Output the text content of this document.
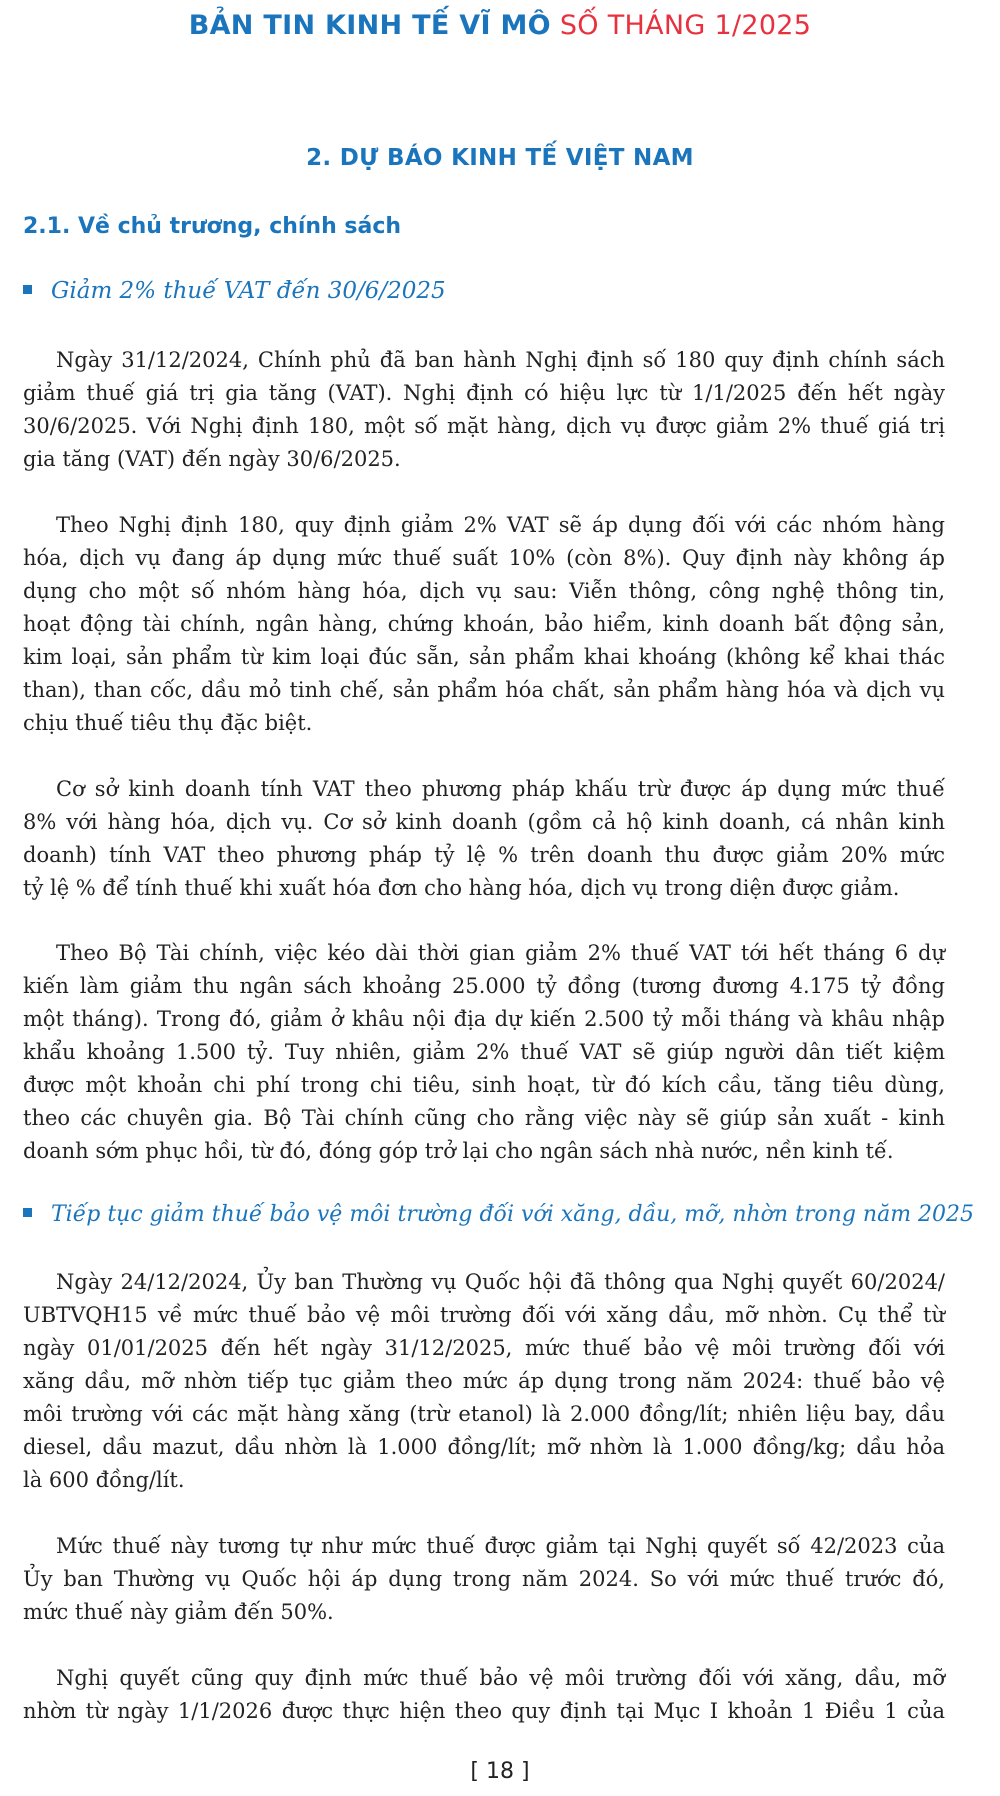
BẢN TIN KINH TẾ VĨ MÔ SỐ THÁNG 1/2025
2. DỰ BÁO KINH TẾ VIỆT NAM
2.1. Về chủ trương, chính sách
Giảm 2% thuế VAT đến 30/6/2025
Ngày 31/12/2024, Chính phủ đã ban hành Nghị định số 180 quy định chính sách
giảm thuế giá trị gia tăng (VAT). Nghị định có hiệu lực từ 1/1/2025 đến hết ngày
30/6/2025. Với Nghị định 180, một số mặt hàng, dịch vụ được giảm 2% thuế giá trị
gia tăng (VAT) đến ngày 30/6/2025.
Theo Nghị định 180, quy định giảm 2% VAT sẽ áp dụng đối với các nhóm hàng
hóa, dịch vụ đang áp dụng mức thuế suất 10% (còn 8%). Quy định này không áp
dụng cho một số nhóm hàng hóa, dịch vụ sau: Viễn thông, công nghệ thông tin,
hoạt động tài chính, ngân hàng, chứng khoán, bảo hiểm, kinh doanh bất động sản,
kim loại, sản phẩm từ kim loại đúc sẵn, sản phẩm khai khoáng (không kể khai thác
than), than cốc, dầu mỏ tinh chế, sản phẩm hóa chất, sản phẩm hàng hóa và dịch vụ
chịu thuế tiêu thụ đặc biệt.
Cơ sở kinh doanh tính VAT theo phương pháp khấu trừ được áp dụng mức thuế
8% với hàng hóa, dịch vụ. Cơ sở kinh doanh (gồm cả hộ kinh doanh, cá nhân kinh
doanh) tính VAT theo phương pháp tỷ lệ % trên doanh thu được giảm 20% mức
tỷ lệ % để tính thuế khi xuất hóa đơn cho hàng hóa, dịch vụ trong diện được giảm.
Theo Bộ Tài chính, việc kéo dài thời gian giảm 2% thuế VAT tới hết tháng 6 dự
kiến làm giảm thu ngân sách khoảng 25.000 tỷ đồng (tương đương 4.175 tỷ đồng
một tháng). Trong đó, giảm ở khâu nội địa dự kiến 2.500 tỷ mỗi tháng và khâu nhập
khẩu khoảng 1.500 tỷ. Tuy nhiên, giảm 2% thuế VAT sẽ giúp người dân tiết kiệm
được một khoản chi phí trong chi tiêu, sinh hoạt, từ đó kích cầu, tăng tiêu dùng,
theo các chuyên gia. Bộ Tài chính cũng cho rằng việc này sẽ giúp sản xuất - kinh
doanh sớm phục hồi, từ đó, đóng góp trở lại cho ngân sách nhà nước, nền kinh tế.
Tiếp tục giảm thuế bảo vệ môi trường đối với xăng, dầu, mỡ, nhờn trong năm 2025
Ngày 24/12/2024, Ủy ban Thường vụ Quốc hội đã thông qua Nghị quyết 60/2024/
UBTVQH15 về mức thuế bảo vệ môi trường đối với xăng dầu, mỡ nhờn. Cụ thể từ
ngày 01/01/2025 đến hết ngày 31/12/2025, mức thuế bảo vệ môi trường đối với
xăng dầu, mỡ nhờn tiếp tục giảm theo mức áp dụng trong năm 2024: thuế bảo vệ
môi trường với các mặt hàng xăng (trừ etanol) là 2.000 đồng/lít; nhiên liệu bay, dầu
diesel, dầu mazut, dầu nhờn là 1.000 đồng/lít; mỡ nhờn là 1.000 đồng/kg; dầu hỏa
là 600 đồng/lít.
Mức thuế này tương tự như mức thuế được giảm tại Nghị quyết số 42/2023 của
Ủy ban Thường vụ Quốc hội áp dụng trong năm 2024. So với mức thuế trước đó,
mức thuế này giảm đến 50%.
Nghị quyết cũng quy định mức thuế bảo vệ môi trường đối với xăng, dầu, mỡ
nhờn từ ngày 1/1/2026 được thực hiện theo quy định tại Mục I khoản 1 Điều 1 của
[ 18 ]
